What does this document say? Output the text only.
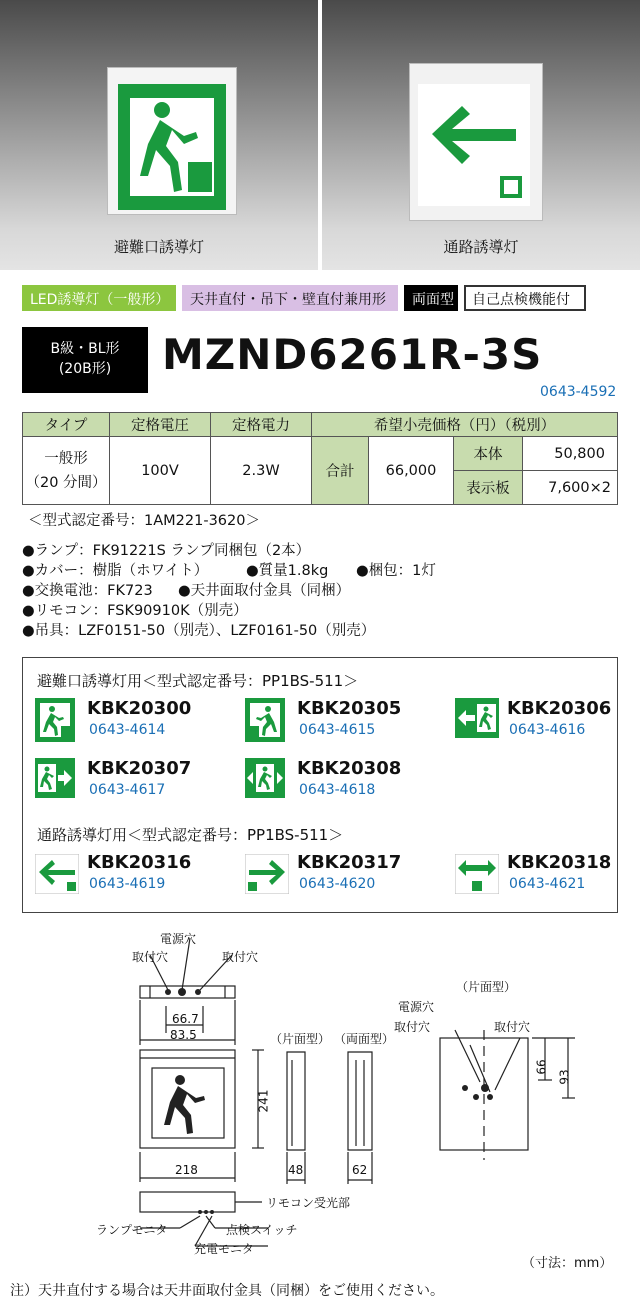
避難口誘導灯	通路誘導灯
LED誘導灯（一般形）	天井直付・吊下・壁直付兼用形	両面型	自己点検機能付
B級・BL形
(20B形)	MZND6261R-3S
0643-4592
タイプ	定格電圧	定格電力	希望小売価格（円）（税別）			

一般形
（20 分間）	100V	2.3W	合計	66,000	本体	50,800
					表示板	7,600×2
＜型式認定番号：1AM221-3620＞
●ランプ：FK91221S ランプ同梱包（2本）
●カバー：樹脂（ホワイト）	●質量1.8kg ●梱包：1灯
●交換電池：FK723 ●天井面取付金具（同梱）
●リモコン：FSK90910K（別売）
●吊具：LZF0151-50（別売）、LZF0161-50（別売）
避難口誘導灯用＜型式認定番号：PP1BS-511＞
通路誘導灯用＜型式認定番号：PP1BS-511＞
KBK20300
0643-4614
KBK20305
0643-4615
KBK20306
0643-4616
KBK20307
0643-4617
KBK20308
0643-4618
KBK20316
0643-4619
KBK20317
0643-4620
KBK20318
0643-4621
電源穴
取付穴	取付穴
66.7
83.5
241
218
（片面型） （両面型）
48	62
（片面型）
電源穴
取付穴	取付穴
66
93
リモコン受光部
ランプモニタ	点検スイッチ
充電モニタ
（寸法：mm）
注）天井直付する場合は天井面取付金具（同梱）をご使用ください。
